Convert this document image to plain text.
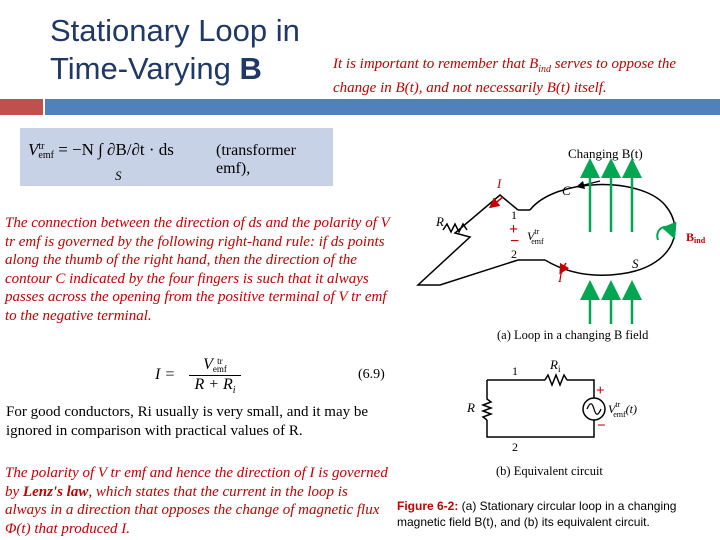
Stationary Loop in
Time-Varying B	It is important to remember that $B_{ind}$ serves to oppose the change in B(t), and not necessarily B(t) itself.
Vtr
emf = −N ∫ ∂B/∂t · ds
S
(transformer emf),
The connection between the direction of ds and the polarity of V tr emf is governed by the following right-hand rule: if ds points along the thumb of the right hand, then the direction of the contour C indicated by the four fingers is such that it always passes across the opening from the positive terminal of V tr emf to the negative terminal.
I =
V tr
emf
$R + R_i$
(6.9)
For good conductors, Ri usually is very small, and it may be ignored in comparison with practical values of R.
The polarity of V tr emf and hence the direction of I is governed by Lenz's law, which states that the current in the loop is always in a direction that opposes the change of magnetic flux Φ(t) that produced I.
Figure 6-2: (a) Stationary circular loop in a changing magnetic field B(t), and (b) its equivalent circuit.
Changing B(t)
R
I	C
1
2
+
− $V^{tr}$ emf
S
I
Bind
(a) Loop in a changing B field
1
2
$R_i$
R
+
−
$V^{tr}$ emf(t)
(b) Equivalent circuit
